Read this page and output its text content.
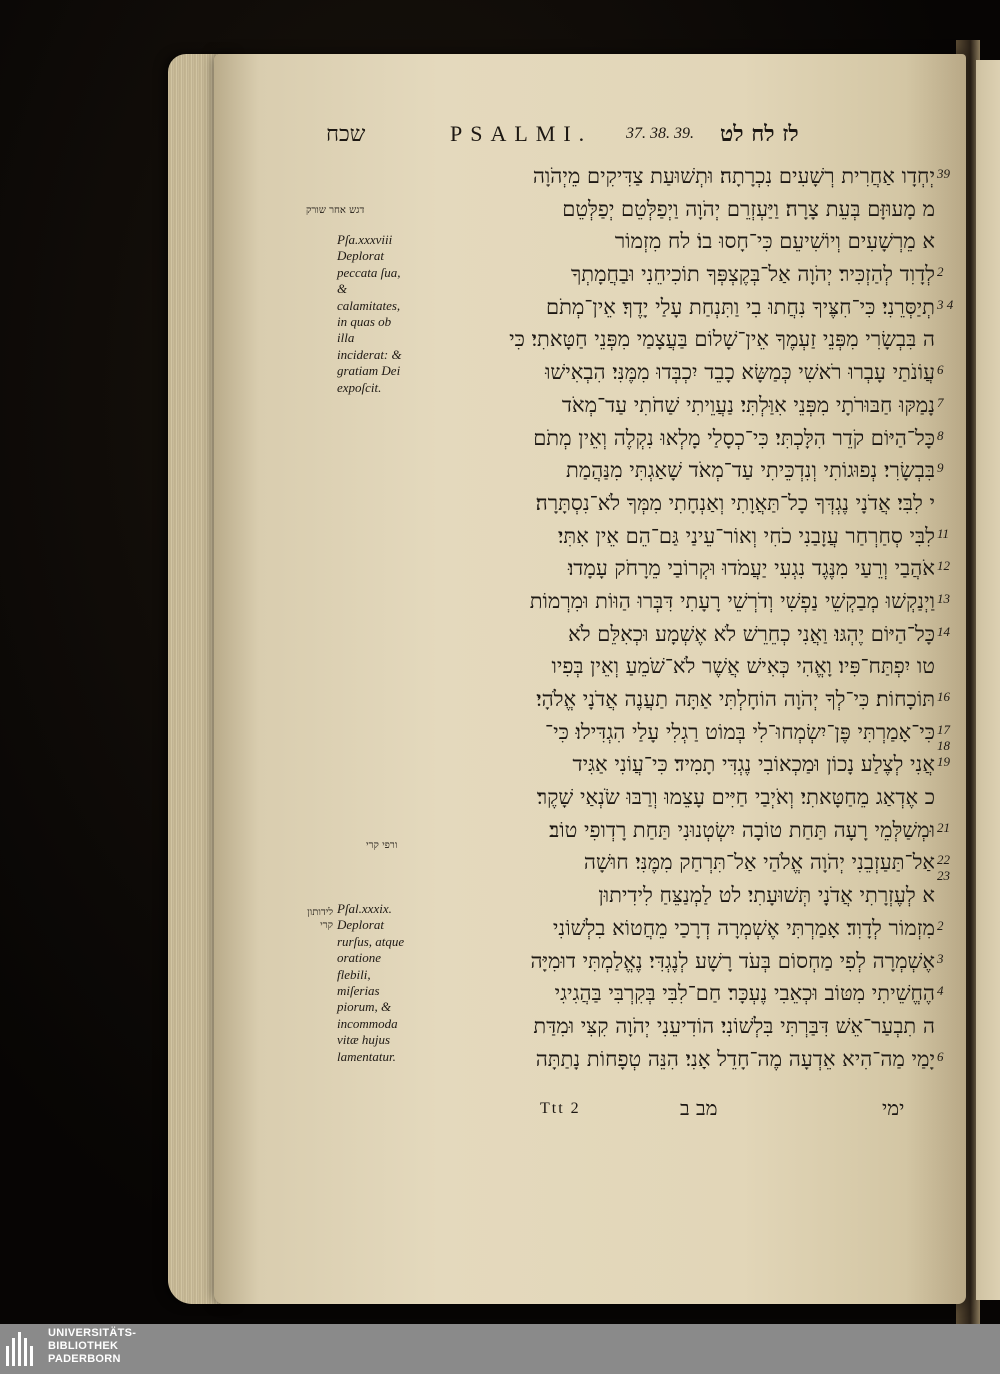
שכח	PSALMI. 37. 38. 39. לז לח לט
דגש אחר שורק
Pſa.xxxviii Deplorat peccata ſua, & calamitates, in quas ob illa inciderat: & gratiam Dei expoſcit.
ורפי קרי
לידותון קרי
Pſal.xxxix. Deplorat rurſus, atque oratione flebili, miſerias piorum, & incommoda vitæ hujus lamentatur.
יְחְדָו אַחֲרִית רְשָׁעִים נִכְרָתָה׃ וּתְשׁוּעַת צַדִּיקִים מֵיְהֹוָה 39
מ מָעוּזָּם בְּעֵת צָרָה׃ וַיַּעְזְרֵם יְהֹוָה וַיְפַלְּטֵם יְפַלְּטֵם
א מֵרְשָׁעִים וְיוֹשִׁיעֵם כִּי־חָסוּ בוֹ׃ לח מִזְמוֹר
לְדָוִד לְהַזְכִּיר׃ יְהֹוָה אַל־בְּקֶצְפְּךָ תוֹכִיחֵנִי וּבַחֲמָתְךָ 2
תְיַסְּרֵנִי׃ כִּי־חִצֶּיךָ נִחֲתוּ בִי וַתִּנְחַת עָלַי יָדֶךָ׃ אֵין־מְתֹם 3 4
ה בִּבְשָׂרִי מִפְּנֵי זַעְמֶךָ אֵין־שָׁלוֹם בַּעֲצָמַי מִפְּנֵי חַטָּאתִי׃ כִּי
עֲוֹנֹתַי עָבְרוּ רֹאשִׁי כְּמַשָּׂא כָבֵד יִכְבְּדוּ מִמֶּנִּי׃ הִבְאִישׁוּ 6
נָמַקּוּ חַבּוּרֹתָי מִפְּנֵי אִוַּלְתִּי׃ נַעֲוֵיתִי שַׁחֹתִי עַד־מְאֹד 7
כָּל־הַיּוֹם קֹדֵר הִלָּכְתִּי׃ כִּי־כְסָלַי מָלְאוּ נִקְלֶה וְאֵין מְתֹם 8
בִּבְשָׂרִי׃ נְפוּגוֹתִי וְנִדְכֵּיתִי עַד־מְאֹד שָׁאַגְתִּי מִנַּהֲמַת 9
י לִבִּי׃ אֲדֹנָי נֶגְדְּךָ כָל־תַּאֲוָתִי וְאַנְחָתִי מִמְּךָ לֹא־נִסְתָּרָה׃
לִבִּי סְחַרְחַר עֲזָבַנִי כֹחִי וְאוֹר־עֵינַי גַּם־הֵם אֵין אִתִּי׃ 11
אֹהֲבַי וְרֵעַי מִנֶּגֶד נִגְעִי יַעֲמֹדוּ וּקְרוֹבַי מֵרָחֹק עָמָדוּ׃ 12
וַיְנַקְשׁוּ מְבַקְשֵׁי נַפְשִׁי וְדֹרְשֵׁי רָעָתִי דִּבְּרוּ הַוּוֹת וּמִרְמוֹת 13
כָּל־הַיּוֹם יֶהְגּוּ׃ וַאֲנִי כְחֵרֵשׁ לֹא אֶשְׁמָע וּכְאִלֵּם לֹא 14
טו יִפְתַּח־פִּיו׃ וָאֱהִי כְּאִישׁ אֲשֶׁר לֹא־שֹׁמֵעַ וְאֵין בְּפִיו
תּוֹכָחוֹת׃ כִּי־לְךָ יְהֹוָה הוֹחָלְתִּי אַתָּה תַעֲנֶה אֲדֹנָי אֱלֹהָי׃ 16
כִּי־אָמַרְתִּי פֶּן־יִשְׂמְחוּ־לִי בְּמוֹט רַגְלִי עָלַי הִגְדִּילוּ׃ כִּי־ 17 18
אֲנִי לְצֶלַע נָכוֹן וּמַכְאוֹבִי נֶגְדִּי תָמִיד׃ כִּי־עֲוֹנִי אַגִּיד 19
כ אֶדְאַג מֵחַטָּאתִי׃ וְאֹיְבַי חַיִּים עָצֵמוּ וְרַבּוּ שֹׂנְאַי שָׁקֶר׃
וּמְשַׁלְּמֵי רָעָה תַּחַת טוֹבָה יִשְׂטְנוּנִי תַּחַת רָדְופִי טוֹב׃ 21
אַל־תַּעַזְבֵנִי יְהֹוָה אֱלֹהַי אַל־תִּרְחַק מִמֶּנִּי׃ חוּשָׁה 22 23
א לְעֶזְרָתִי אֲדֹנָי תְּשׁוּעָתִי׃ לט לַמְנַצֵּחַ לִידִיתוּן
מִזְמוֹר לְדָוִד׃ אָמַרְתִּי אֶשְׁמְרָה דְרָכַי מֵחֲטוֹא בִלְשׁוֹנִי 2
אֶשְׁמְרָה לְפִי מַחְסוֹם בְּעֹד רָשָׁע לְנֶגְדִּי׃ נֶאֱלַמְתִּי דוּמִיָּה 3
הֶחֱשֵׁיתִי מִטּוֹב וּכְאֵבִי נֶעְכָּר׃ חַם־לִבִּי בְּקִרְבִּי בַּהֲגִיגִי 4
ה תִבְעַר־אֵשׁ דִּבַּרְתִּי בִּלְשׁוֹנִי׃ הוֹדִיעֵנִי יְהֹוָה קִצִּי וּמִדַּת
יָמַי מַה־הִיא אֵדְעָה מֶה־חָדֵל אָנִי׃ הִנֵּה טְפָחוֹת נָתַתָּה 6
Ttt 2	מב ב	ימי
UNIVERSITÄTS-
BIBLIOTHEK
PADERBORN
